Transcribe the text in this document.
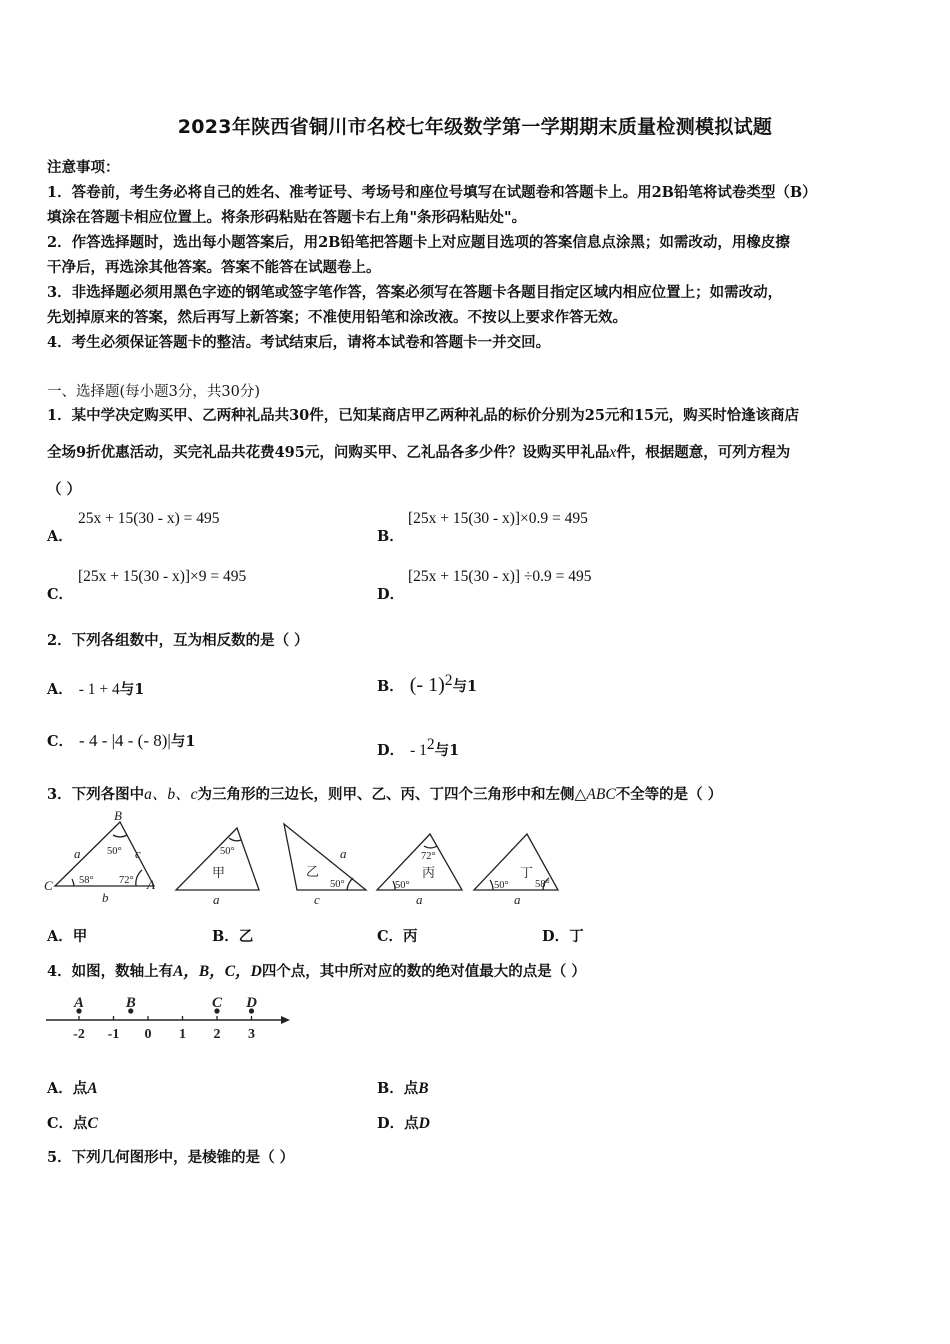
2023年陕西省铜川市名校七年级数学第一学期期末质量检测模拟试题
注意事项：
1．答卷前，考生务必将自己的姓名、准考证号、考场号和座位号填写在试题卷和答题卡上。用2B铅笔将试卷类型（B）
填涂在答题卡相应位置上。将条形码粘贴在答题卡右上角"条形码粘贴处"。
2．作答选择题时，选出每小题答案后，用2B铅笔把答题卡上对应题目选项的答案信息点涂黑；如需改动，用橡皮擦
干净后，再选涂其他答案。答案不能答在试题卷上。
3．非选择题必须用黑色字迹的钢笔或签字笔作答，答案必须写在答题卡各题目指定区域内相应位置上；如需改动，
先划掉原来的答案，然后再写上新答案；不准使用铅笔和涂改液。不按以上要求作答无效。
4．考生必须保证答题卡的整洁。考试结束后，请将本试卷和答题卡一并交回。
一、选择题(每小题3分，共30分)
1．某中学决定购买甲、乙两种礼品共30件，已知某商店甲乙两种礼品的标价分别为25元和15元，购买时恰逢该商店
全场9折优惠活动，买完礼品共花费495元，问购买甲、乙礼品各多少件？设购买甲礼品x件，根据题意，可列方程为
（ ）
A．
25x + 15(30 - x) = 495
B．
[25x + 15(30 - x)]×0.9 = 495
C．
[25x + 15(30 - x)]×9 = 495
D．
[25x + 15(30 - x)] ÷0.9 = 495
2．下列各组数中，互为相反数的是（ ）
A． - 1 + 4与1	B． (- 1)$^2$与1
C． - 4 - |4 - (- 8)|与1
D． - $1^2$与1
3．下列各图中a、b、c为三角形的三边长，则甲、乙、丙、丁四个三角形中和左侧△ABC不全等的是（ ）
B
C	A
a
b
c
a
a
c	a	a
50°
58° 72°
50°
50°
72°
50°	50°	58°
甲	乙	丙	丁
A．甲	B．乙	C．丙	D．丁
4．如图，数轴上有A，B，C，D四个点，其中所对应的数的绝对值最大的点是（ ）
-2 -1 0 1 2 3
A	B	C D
A．点A	B．点B
C．点C	D．点D
5．下列几何图形中，是棱锥的是（ ）
